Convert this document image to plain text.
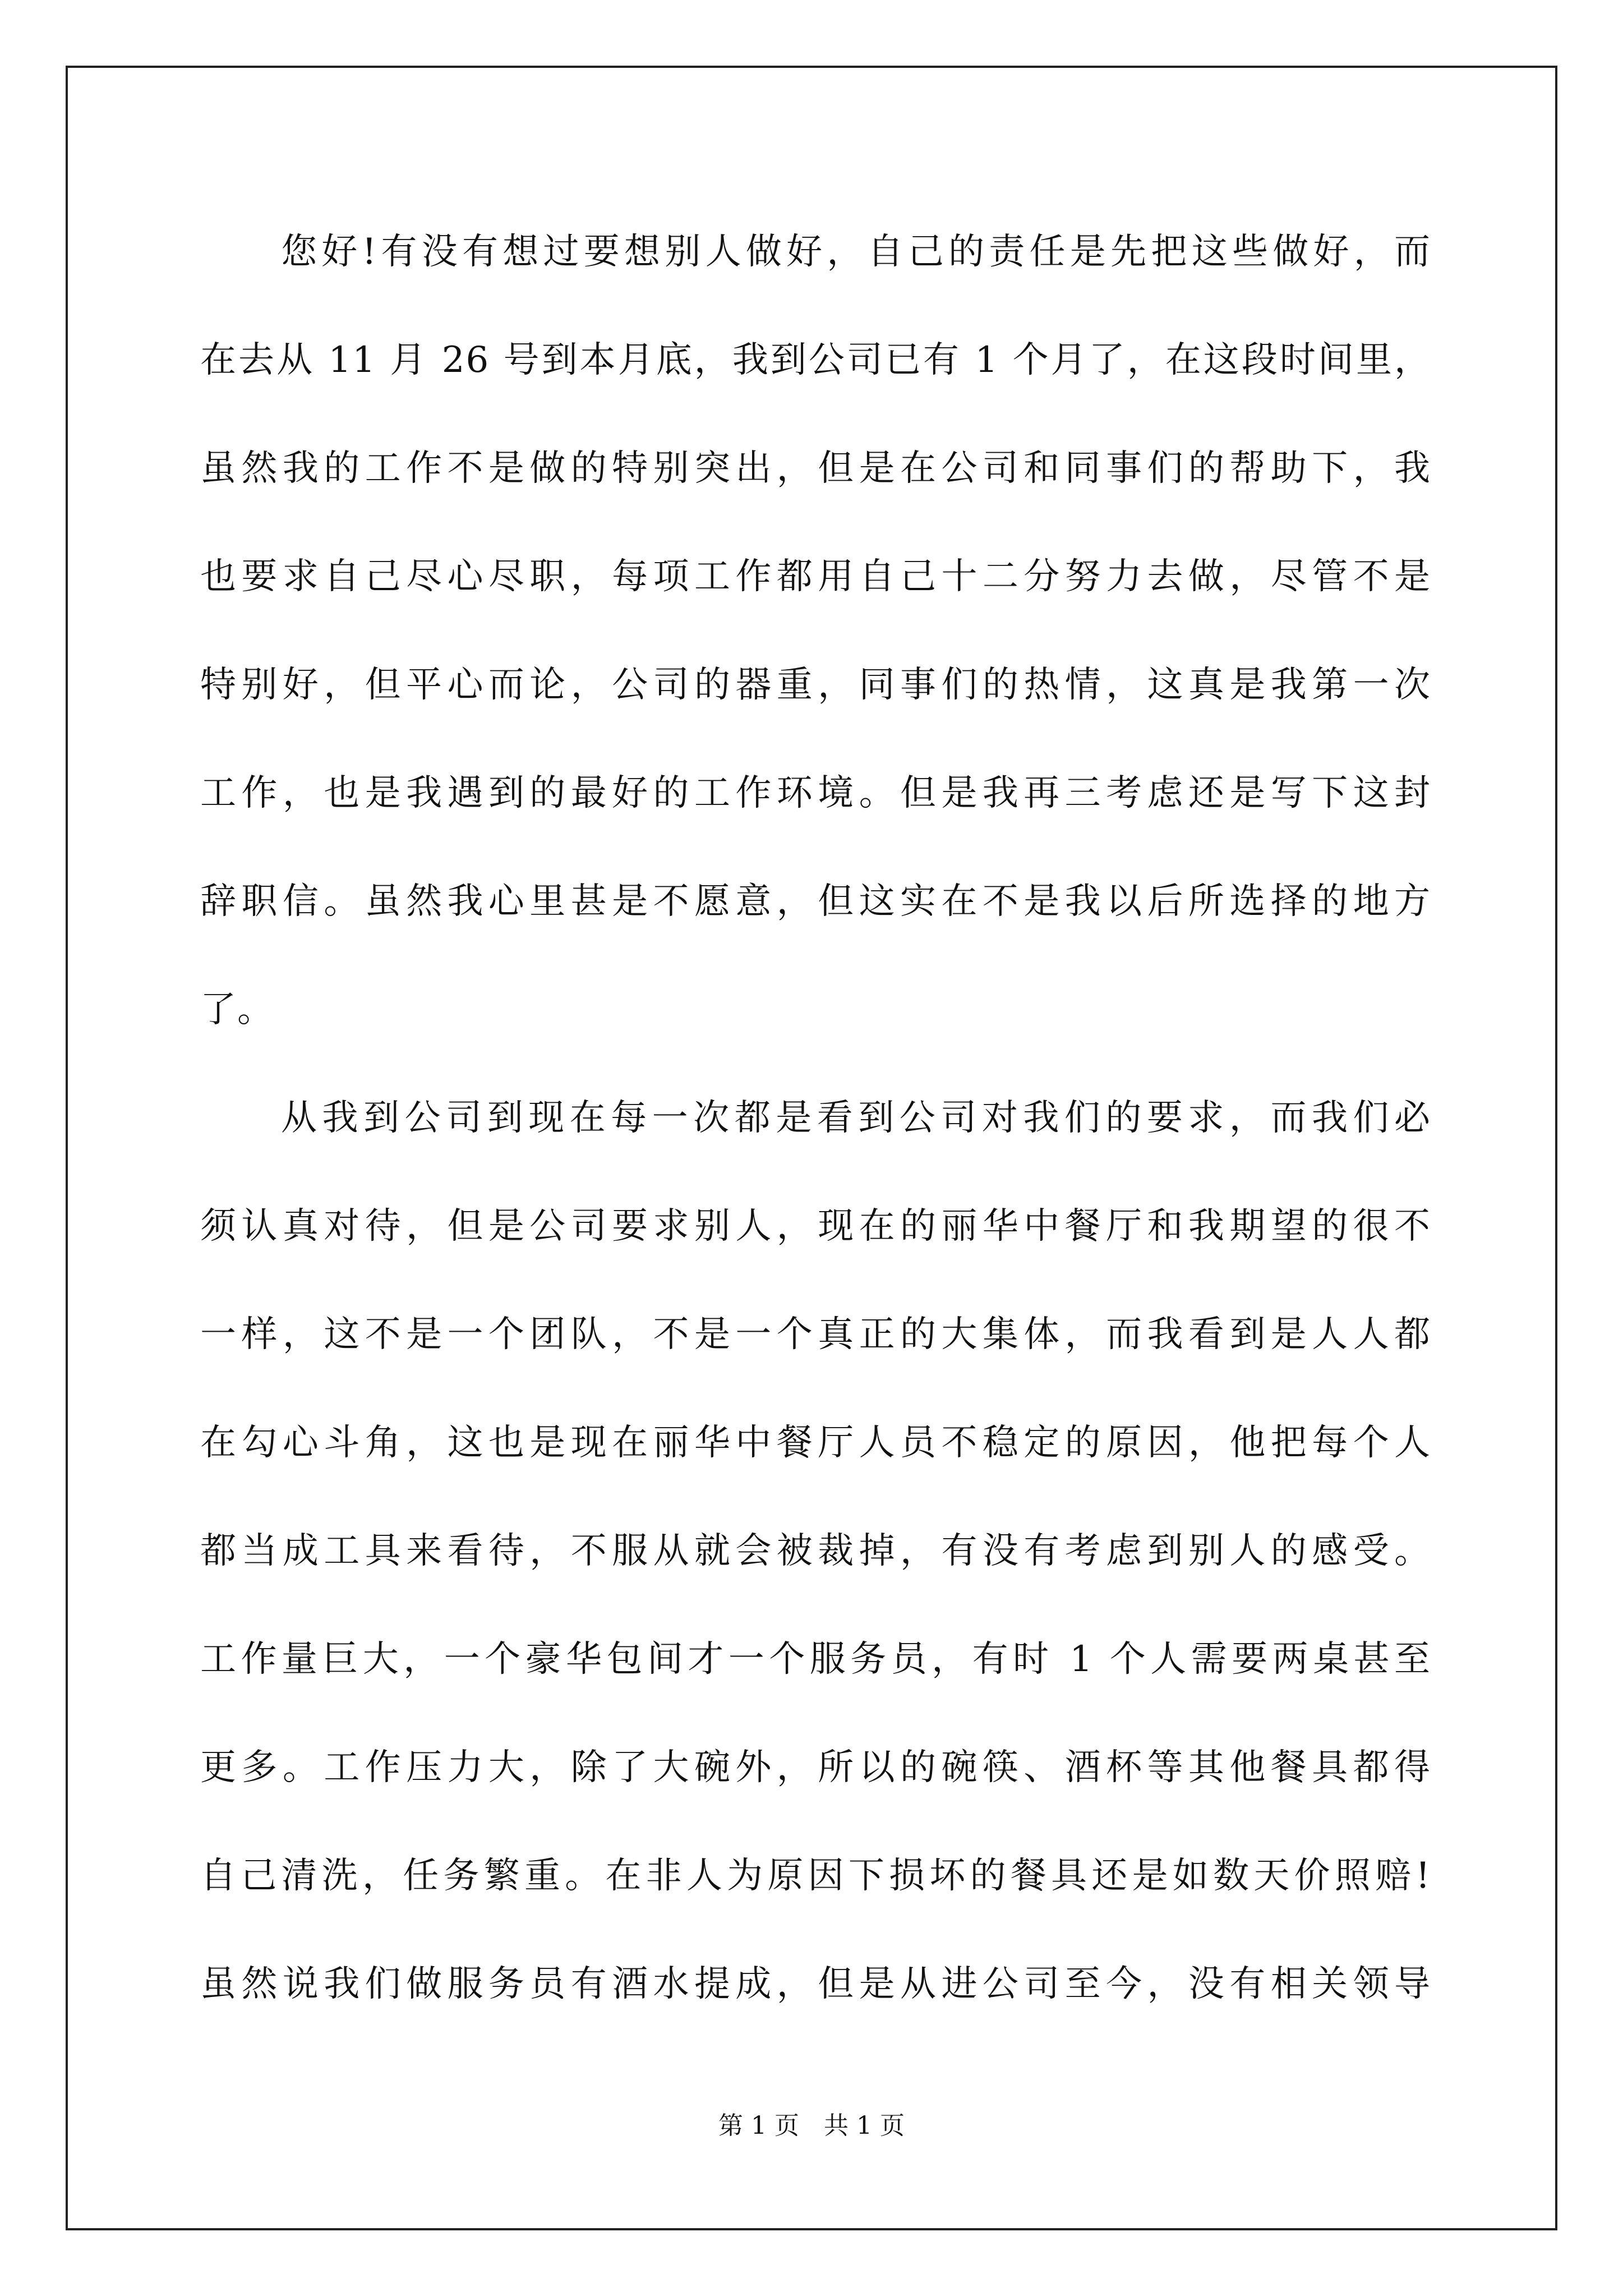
您好!有没有想过要想别人做好，自己的责任是先把这些做好，而
在去从 11 月 26 号到本月底，我到公司已有 1 个月了，在这段时间里，
虽然我的工作不是做的特别突出，但是在公司和同事们的帮助下，我
也要求自己尽心尽职，每项工作都用自己十二分努力去做，尽管不是
特别好，但平心而论，公司的器重，同事们的热情，这真是我第一次
工作，也是我遇到的最好的工作环境。但是我再三考虑还是写下这封
辞职信。虽然我心里甚是不愿意，但这实在不是我以后所选择的地方
了。
从我到公司到现在每一次都是看到公司对我们的要求，而我们必
须认真对待，但是公司要求别人，现在的丽华中餐厅和我期望的很不
一样，这不是一个团队，不是一个真正的大集体，而我看到是人人都
在勾心斗角，这也是现在丽华中餐厅人员不稳定的原因，他把每个人
都当成工具来看待，不服从就会被裁掉，有没有考虑到别人的感受。
工作量巨大，一个豪华包间才一个服务员，有时 1 个人需要两桌甚至
更多。工作压力大，除了大碗外，所以的碗筷、酒杯等其他餐具都得
自己清洗，任务繁重。在非人为原因下损坏的餐具还是如数天价照赔!
虽然说我们做服务员有酒水提成，但是从进公司至今，没有相关领导
第 1 页 共 1 页
